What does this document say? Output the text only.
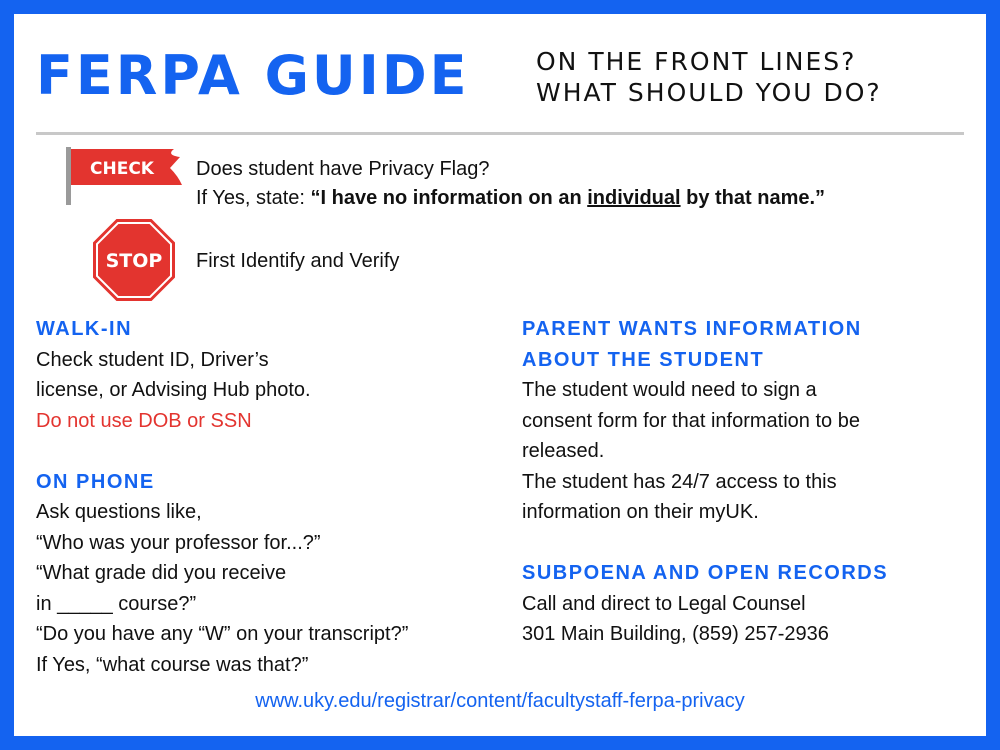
FERPA GUIDE	ON THE FRONT LINES?
WHAT SHOULD YOU DO?
CHECK Does student have Privacy Flag?
If Yes, state: “I have no information on an individual by that name.”
STOP First Identify and Verify
WALK-IN
Check student ID, Driver’s
license, or Advising Hub photo.
Do not use DOB or SSN
ON PHONE
Ask questions like,
“Who was your professor for...?”
“What grade did you receive
in _____ course?”
“Do you have any “W” on your transcript?”
If Yes, “what course was that?”
PARENT WANTS INFORMATION
ABOUT THE STUDENT
The student would need to sign a
consent form for that information to be
released.
The student has 24/7 access to this
information on their myUK.
SUBPOENA AND OPEN RECORDS
Call and direct to Legal Counsel
301 Main Building, (859) 257-2936
www.uky.edu/registrar/content/facultystaff-ferpa-privacy
